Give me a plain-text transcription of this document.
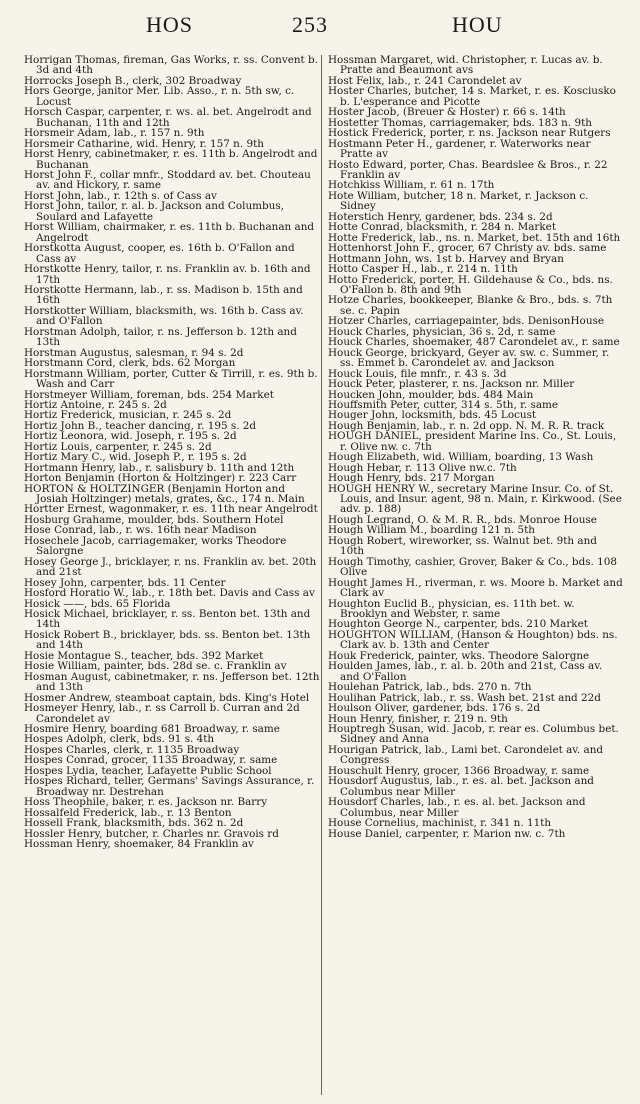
HOS	253	HOU

Horrigan Thomas, fireman, Gas Works, r. ss. Convent b. 3d and 4th

Horrocks Joseph B., clerk, 302 Broadway

Hors George, janitor Mer. Lib. Asso., r. n. 5th sw, c. Locust

Horsch Caspar, carpenter, r. ws. al. bet. Angelrodt and Buchanan, 11th and 12th

Horsmeir Adam, lab., r. 157 n. 9th

Horsmeir Catharine, wid. Henry, r. 157 n. 9th

Horst Henry, cabinetmaker, r. es. 11th b. Angelrodt and Buchanan

Horst John F., collar mnfr., Stoddard av. bet. Chouteau av. and Hickory, r. same

Horst John, lab., r. 12th s. of Cass av

Horst John, tailor, r. al. b. Jackson and Columbus, Soulard and Lafayette

Horst William, chairmaker, r. es. 11th b. Buchanan and Angelrodt

Horstkotta August, cooper, es. 16th b. O'Fallon and Cass av

Horstkotte Henry, tailor, r. ns. Franklin av. b. 16th and 17th

Horstkotte Hermann, lab., r. ss. Madison b. 15th and 16th

Horstkotter William, blacksmith, ws. 16th b. Cass av. and O'Fallon

Horstman Adolph, tailor, r. ns. Jefferson b. 12th and 13th

Horstman Augustus, salesman, r. 94 s. 2d

Horstmann Cord, clerk, bds. 62 Morgan

Horstmann William, porter, Cutter & Tirrill, r. es. 9th b. Wash and Carr

Horstmeyer William, foreman, bds. 254 Market

Hortiz Antoine, r. 245 s. 2d

Hortiz Frederick, musician, r. 245 s. 2d

Hortiz John B., teacher dancing, r. 195 s. 2d

Hortiz Leonora, wid. Joseph, r. 195 s. 2d

Hortiz Louis, carpenter, r. 245 s. 2d

Hortiz Mary C., wid. Joseph P., r. 195 s. 2d

Hortmann Henry, lab., r. salisbury b. 11th and 12th

Horton Benjamin (Horton & Holtzinger) r. 223 Carr

HORTON & HOLTZINGER (Benjamin Horton and Josiah Holtzinger) metals, grates, &c., 174 n. Main

Hortter Ernest, wagonmaker, r. es. 11th near Angelrodt

Hosburg Grahame, moulder, bds. Southern Hotel

Hose Conrad, lab., r. ws. 16th near Madison

Hosechele Jacob, carriagemaker, works Theodore Salorgne

Hosey George J., bricklayer, r. ns. Franklin av. bet. 20th and 21st

Hosey John, carpenter, bds. 11 Center

Hosford Horatio W., lab., r. 18th bet. Davis and Cass av

Hosick ——, bds. 65 Florida

Hosick Michael, bricklayer, r. ss. Benton bet. 13th and 14th

Hosick Robert B., bricklayer, bds. ss. Benton bet. 13th and 14th

Hosie Montague S., teacher, bds. 392 Market

Hosie William, painter, bds. 28d se. c. Franklin av

Hosman August, cabinetmaker, r. ns. Jefferson bet. 12th and 13th

Hosmer Andrew, steamboat captain, bds. King's Hotel

Hosmeyer Henry, lab., r. ss Carroll b. Curran and 2d Carondelet av

Hosmire Henry, boarding 681 Broadway, r. same

Hospes Adolph, clerk, bds. 91 s. 4th

Hospes Charles, clerk, r. 1135 Broadway

Hospes Conrad, grocer, 1135 Broadway, r. same

Hospes Lydia, teacher, Lafayette Public School

Hospes Richard, teller, Germans' Savings Assurance, r. Broadway nr. Destrehan

Hoss Theophile, baker, r. es. Jackson nr. Barry

Hossalfeld Frederick, lab., r. 13 Benton

Hossell Frank, blacksmith, bds. 362 n. 2d

Hossler Henry, butcher, r. Charles nr. Gravois rd

Hossman Henry, shoemaker, 84 Franklin av

Hossman Margaret, wid. Christopher, r. Lucas av. b. Pratte and Beaumont avs

Host Felix, lab., r. 241 Carondelet av

Hoster Charles, butcher, 14 s. Market, r. es. Kosciusko b. L'esperance and Picotte

Hoster Jacob, (Breuer & Hoster) r. 66 s. 14th

Hostetter Thomas, carriagemaker, bds. 183 n. 9th

Hostick Frederick, porter, r. ns. Jackson near Rutgers

Hostmann Peter H., gardener, r. Waterworks near Pratte av

Hosto Edward, porter, Chas. Beardslee & Bros., r. 22 Franklin av

Hotchkiss William, r. 61 n. 17th

Hote William, butcher, 18 n. Market, r. Jackson c. Sidney

Hoterstich Henry, gardener, bds. 234 s. 2d

Hotte Conrad, blacksmith, r. 284 n. Market

Hotte Frederick, lab., ns. n. Market, bet. 15th and 16th

Hottenhorst John F., grocer, 67 Christy av. bds. same

Hottmann John, ws. 1st b. Harvey and Bryan

Hotto Casper H., lab., r. 214 n. 11th

Hotto Frederick, porter, H. Gildehause & Co., bds. ns. O'Fallon b. 8th and 9th

Hotze Charles, bookkeeper, Blanke & Bro., bds. s. 7th se. c. Papin

Hotzer Charles, carriagepainter, bds. DenisonHouse

Houck Charles, physician, 36 s. 2d, r. same

Houck Charles, shoemaker, 487 Carondelet av., r. same

Houck George, brickyard, Geyer av. sw. c. Summer, r. ss. Emmet b. Carondelet av. and Jackson

Houck Louis, file mnfr., r. 43 s. 3d

Houck Peter, plasterer, r. ns. Jackson nr. Miller

Houcken John, moulder, bds. 484 Main

Houffsmith Peter, cutter, 314 s. 5th, r. same

Houger John, locksmith, bds. 45 Locust

Hough Benjamin, lab., r. n. 2d opp. N. M. R. R. track

HOUGH DANIEL, president Marine Ins. Co., St. Louis, r. Olive nw. c. 7th

Hough Elizabeth, wid. William, boarding, 13 Wash

Hough Hebar, r. 113 Olive nw.c. 7th

Hough Henry, bds. 217 Morgan

HOUGH HENRY W., secretary Marine Insur. Co. of St. Louis, and Insur. agent, 98 n. Main, r. Kirkwood. (See adv. p. 188)

Hough Legrand, O. & M. R. R., bds. Monroe House

Hough William M., boarding 121 n. 5th

Hough Robert, wireworker, ss. Walnut bet. 9th and 10th

Hough Timothy, cashier, Grover, Baker & Co., bds. 108 Olive

Hought James H., riverman, r. ws. Moore b. Market and Clark av

Houghton Euclid B., physician, es. 11th bet. w. Brooklyn and Webster, r. same

Houghton George N., carpenter, bds. 210 Market

HOUGHTON WILLIAM, (Hanson & Houghton) bds. ns. Clark av. b. 13th and Center

Houk Frederick, painter, wks. Theodore Salorgne

Houlden James, lab., r. al. b. 20th and 21st, Cass av. and O'Fallon

Houlehan Patrick, lab., bds. 270 n. 7th

Houlihan Patrick, lab., r. ss. Wash bet. 21st and 22d

Houlson Oliver, gardener, bds. 176 s. 2d

Houn Henry, finisher, r. 219 n. 9th

Houptregh Susan, wid. Jacob, r. rear es. Columbus bet. Sidney and Anna

Hourigan Patrick, lab., Lami bet. Carondelet av. and Congress

Houschult Henry, grocer, 1366 Broadway, r. same

Housdorf Augustus, lab., r. es. al. bet. Jackson and Columbus near Miller

Housdorf Charles, lab., r. es. al. bet. Jackson and Columbus, near Miller

House Cornelius, machinist, r. 341 n. 11th

House Daniel, carpenter, r. Marion nw. c. 7th
